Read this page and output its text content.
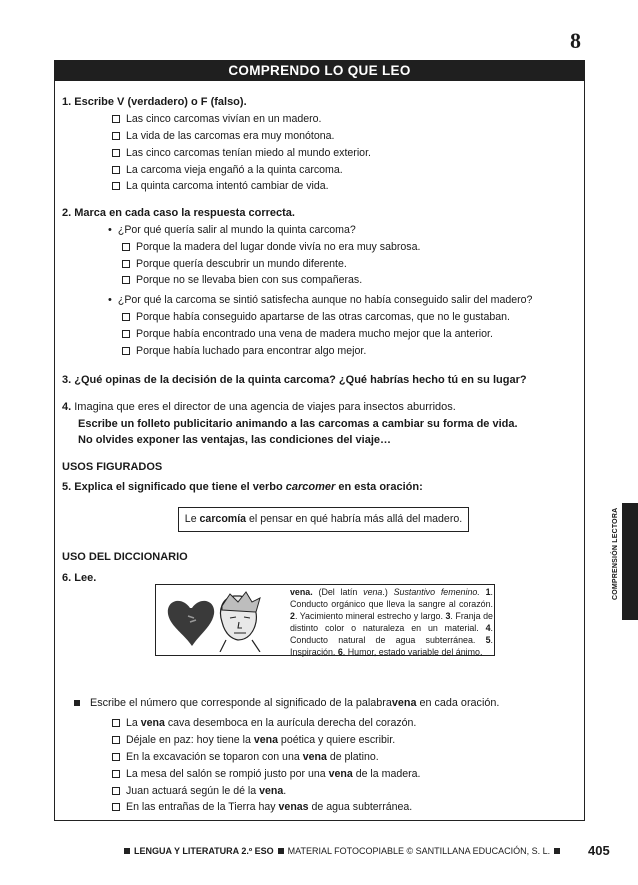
8
COMPRENDO LO QUE LEO
1. Escribe V (verdadero) o F (falso).
Las cinco carcomas vivían en un madero.
La vida de las carcomas era muy monótona.
Las cinco carcomas tenían miedo al mundo exterior.
La carcoma vieja engañó a la quinta carcoma.
La quinta carcoma intentó cambiar de vida.
2. Marca en cada caso la respuesta correcta.
• ¿Por qué quería salir al mundo la quinta carcoma?
Porque la madera del lugar donde vivía no era muy sabrosa.
Porque quería descubrir un mundo diferente.
Porque no se llevaba bien con sus compañeras.
• ¿Por qué la carcoma se sintió satisfecha aunque no había conseguido salir del madero?
Porque había conseguido apartarse de las otras carcomas, que no le gustaban.
Porque había encontrado una vena de madera mucho mejor que la anterior.
Porque había luchado para encontrar algo mejor.
3. ¿Qué opinas de la decisión de la quinta carcoma? ¿Qué habrías hecho tú en su lugar?
4. Imagina que eres el director de una agencia de viajes para insectos aburridos.
Escribe un folleto publicitario animando a las carcomas a cambiar su forma de vida.
No olvides exponer las ventajas, las condiciones del viaje…
USOS FIGURADOS
5. Explica el significado que tiene el verbo carcomer en esta oración:
Le carcomía el pensar en qué habría más allá del madero.
USO DEL DICCIONARIO
6. Lee.
vena. (Del latín vena.) Sustantivo femenino. 1. Conducto orgánico que lleva la sangre al corazón. 2. Yacimiento mineral estrecho y largo. 3. Franja de distinto color o naturaleza en un material. 4. Conducto natural de agua subterránea. 5. Inspiración. 6. Humor, estado variable del ánimo.
Escribe el número que corresponde al significado de la palabra vena
en cada oración.
La
vena
cava desemboca en la aurícula derecha del corazón.
Déjale en paz: hoy tiene la
vena
poética y quiere escribir.
En la excavación se toparon con una
vena
de platino.
La mesa del salón se rompió justo por una
vena
de la madera.
Juan actuará según le dé la
vena .
En las entrañas de la Tierra hay
venas
de agua subterránea.
COMPRENSIÓN LECTORA
LENGUA Y LITERATURA 2.º ESO MATERIAL FOTOCOPIABLE © SANTILLANA EDUCACIÓN, S. L.	405
